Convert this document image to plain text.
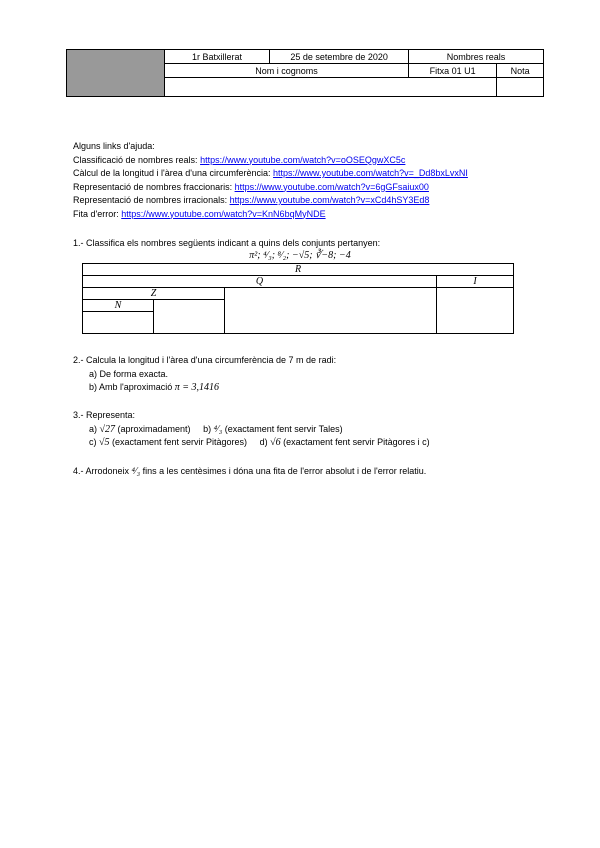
	1r Batxillerat	25 de setembre de 2020	Nombres reals	
	Nom i cognoms		Fitxa 01 U1	Nota

Alguns links d'ajuda:
Classificació de nombres reals: https://www.youtube.com/watch?v=oOSEQgwXC5c
Càlcul de la longitud i l'àrea d'una circumferència: https://www.youtube.com/watch?v=_Dd8bxLvxNI
Representació de nombres fraccionaris: https://www.youtube.com/watch?v=6gGFsaiux00
Representació de nombres irracionals: https://www.youtube.com/watch?v=xCd4hSY3Ed8
Fita d'error: https://www.youtube.com/watch?v=KnN6bqMyNDE
1.- Classifica els nombres següents indicant a quins dels conjunts pertanyen:
π²; ⁴⁄₃; ⁸⁄₂; −√5; ∛−8; −4
R			
Q			I
Z			
N			

2.- Calcula la longitud i l'àrea d'una circumferència de 7 m de radi:
a) De forma exacta.
b) Amb l'aproximació π = 3,1416
3.- Representa:
a) √27 (aproximadament) b) ⁴⁄₃ (exactament fent servir Tales)
c) √5 (exactament fent servir Pitàgores) d) √6 (exactament fent servir Pitàgores i c)
4.- Arrodoneix ⁴⁄₃ fins a les centèsimes i dóna una fita de l'error absolut i de l'error relatiu.
